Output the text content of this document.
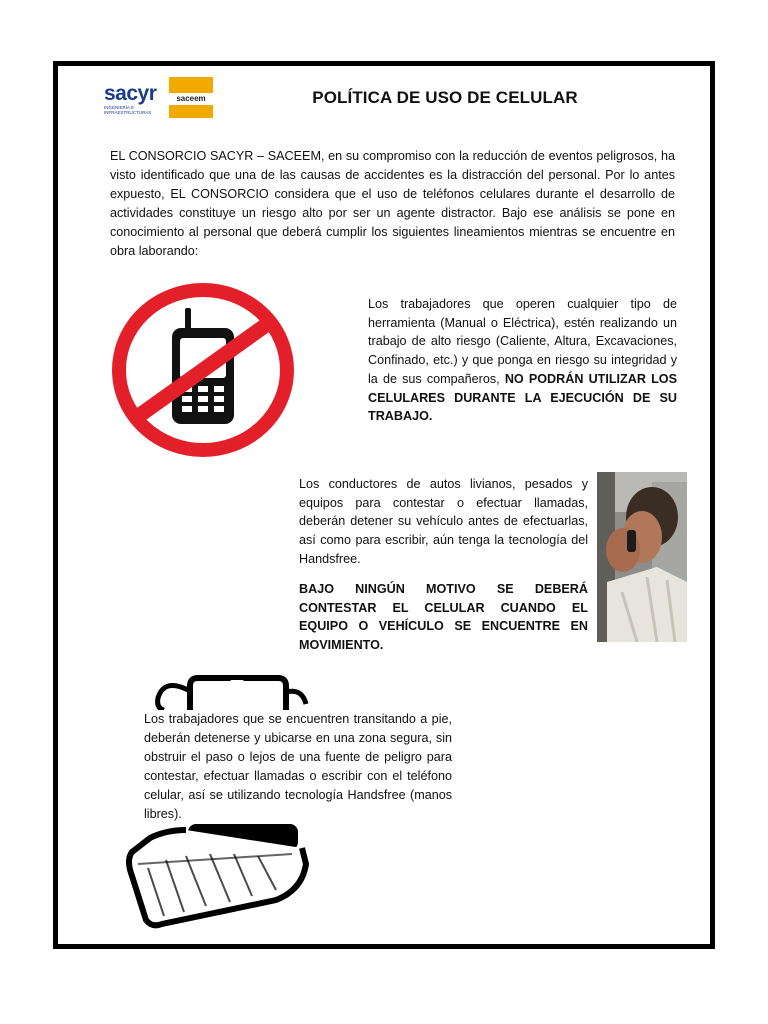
sacyr
INGENIERÍA E INFRAESTRUCTURAS
saceem	POLÍTICA DE USO DE CELULAR
EL CONSORCIO SACYR – SACEEM, en su compromiso con la reducción de eventos peligrosos, ha visto identificado que una de las causas de accidentes es la distracción del personal. Por lo antes expuesto, EL CONSORCIO considera que el uso de teléfonos celulares durante el desarrollo de actividades constituye un riesgo alto por ser un agente distractor. Bajo ese análisis se pone en conocimiento al personal que deberá cumplir los siguientes lineamientos mientras se encuentre en obra laborando:
Los trabajadores que operen cualquier tipo de herramienta (Manual o Eléctrica), estén realizando un trabajo de alto riesgo (Caliente, Altura, Excavaciones, Confinado, etc.) y que ponga en riesgo su integridad y la de sus compañeros, NO PODRÁN UTILIZAR LOS CELULARES DURANTE LA EJECUCIÓN DE SU TRABAJO.
Los conductores de autos livianos, pesados y equipos para contestar o efectuar llamadas, deberán detener su vehículo antes de efectuarlas, así como para escribir, aún tenga la tecnología del Handsfree.
BAJO NINGÚN MOTIVO SE DEBERÁ CONTESTAR EL CELULAR CUANDO EL EQUIPO O VEHÍCULO SE ENCUENTRE EN MOVIMIENTO.
Los trabajadores que se encuentren transitando a pie, deberán detenerse y ubicarse en una zona segura, sin obstruir el paso o lejos de una fuente de peligro para contestar, efectuar llamadas o escribir con el teléfono celular, así se utilizando tecnología Handsfree (manos libres).
